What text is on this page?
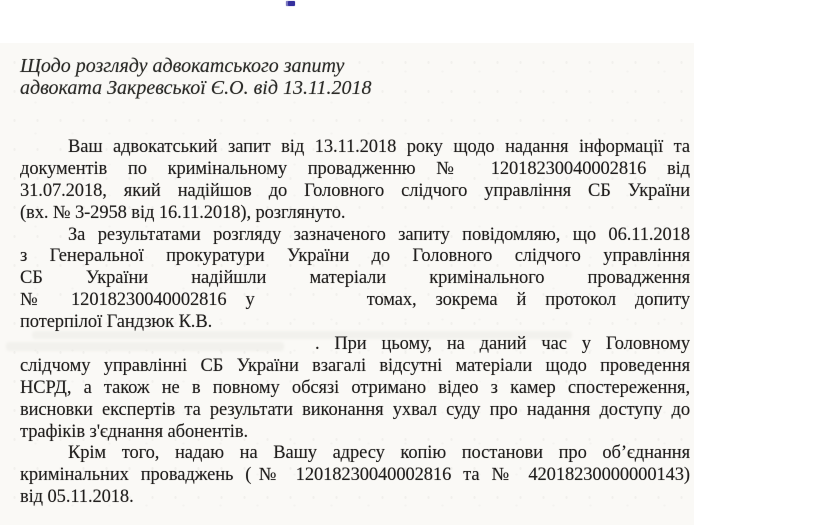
Щодо розгляду адвокатського запиту
адвоката Закревської Є.О. від 13.11.2018
Ваш адвокатський запит від 13.11.2018 року щодо надання інформації та
документів по кримінальному провадженню № 12018230040002816 від
31.07.2018, який надійшов до Головного слідчого управління СБ України
(вх. № 3-2958 від 16.11.2018), розглянуто.
За результатами розгляду зазначеного запиту повідомляю, що 06.11.2018
з Генеральної прокуратури України до Головного слідчого управління
СБ України надійшли матеріали кримінального провадження
№ 12018230040002816 у	томах, зокрема й протокол допиту
потерпілої Гандзюк К.В.
. При цьому, на даний час у Головному
слідчому управлінні СБ України взагалі відсутні матеріали щодо проведення
НСРД, а також не в повному обсязі отримано відео з камер спостереження,
висновки експертів та результати виконання ухвал суду про надання доступу до
трафіків з'єднання абонентів.
Крім того, надаю на Вашу адресу копію постанови про об’єднання
кримінальних проваджень (№ 12018230040002816 та № 42018230000000143)
від 05.11.2018.
